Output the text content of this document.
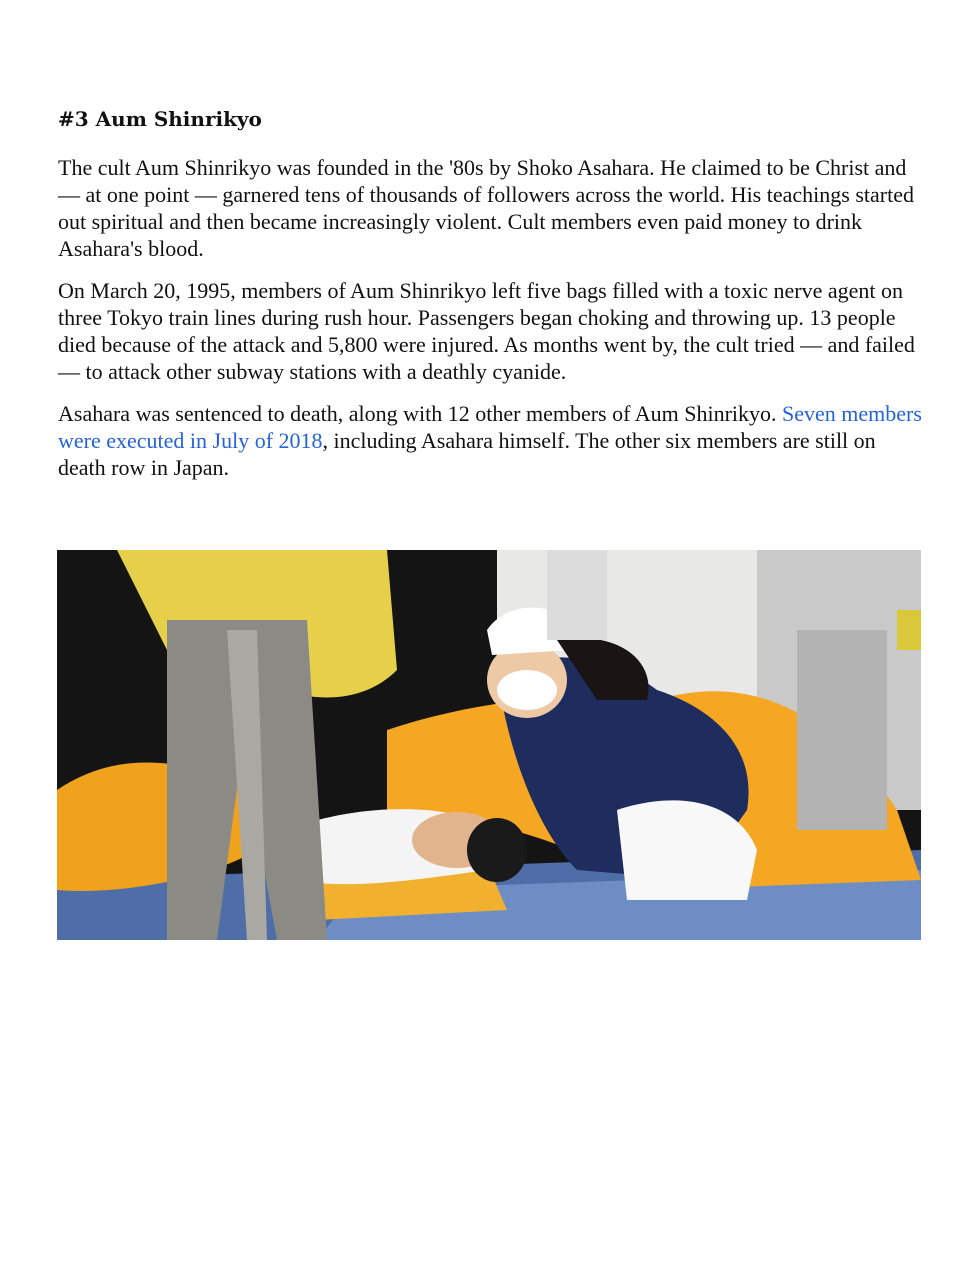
#3 Aum Shinrikyo

The cult Aum Shinrikyo was founded in the '80s by Shoko Asahara. He claimed to be Christ and — at one point — garnered tens of thousands of followers across the world. His teachings started out spiritual and then became increasingly violent. Cult members even paid money to drink Asahara's blood.

On March 20, 1995, members of Aum Shinrikyo left five bags filled with a toxic nerve agent on three Tokyo train lines during rush hour. Passengers began choking and throwing up. 13 people died because of the attack and 5,800 were injured. As months went by, the cult tried — and failed — to attack other subway stations with a deathly cyanide.

Asahara was sentenced to death, along with 12 other members of Aum Shinrikyo. Seven members were executed in July of 2018, including Asahara himself. The other six members are still on death row in Japan.
